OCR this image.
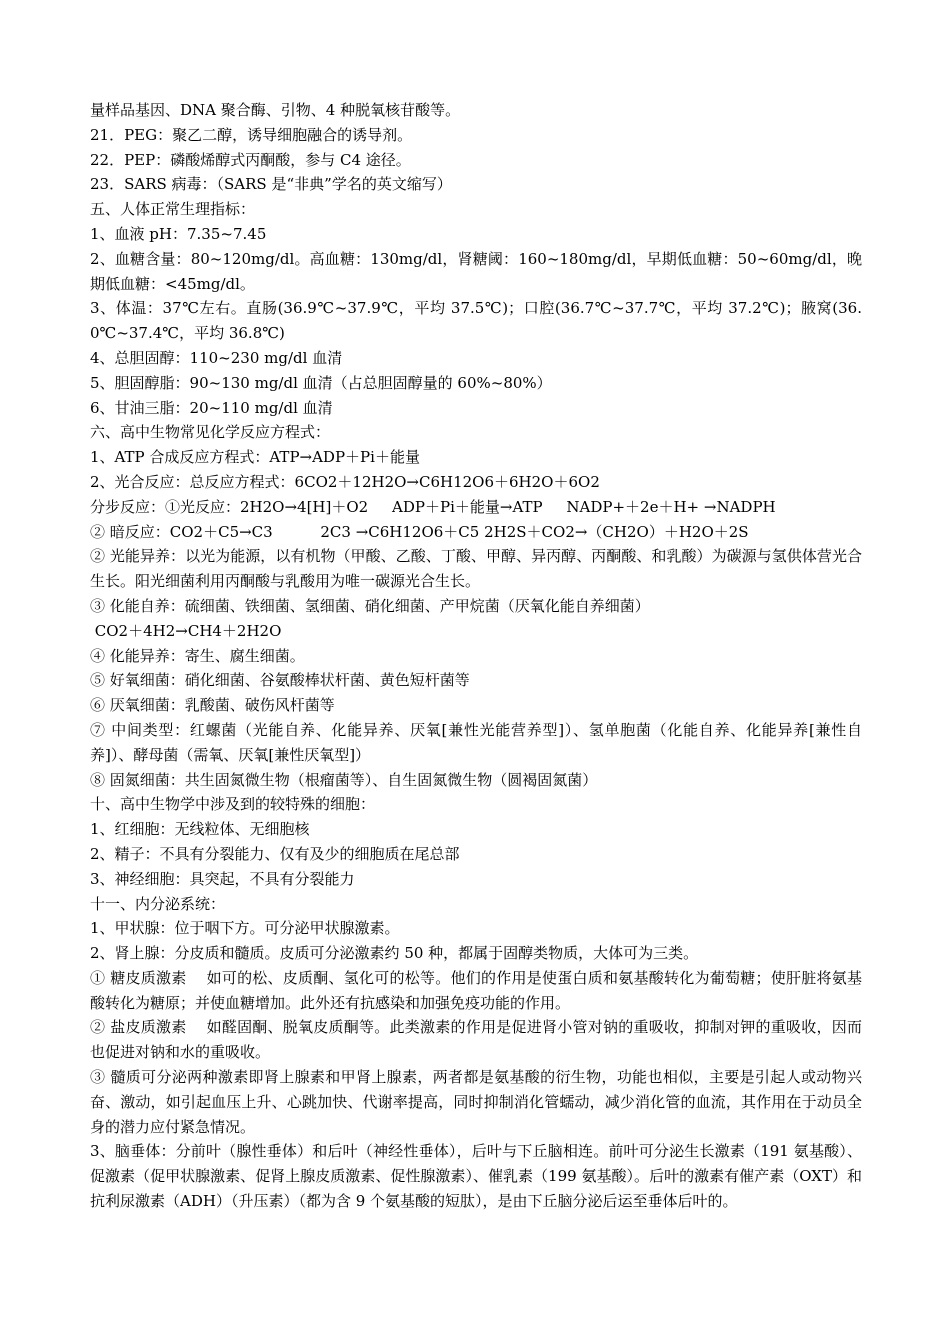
量样品基因、DNA 聚合酶、引物、4 种脱氧核苷酸等。

21．PEG：聚乙二醇，诱导细胞融合的诱导剂。

22．PEP：磷酸烯醇式丙酮酸，参与 C4 途径。

23．SARS 病毒：（SARS 是“非典”学名的英文缩写）

五、人体正常生理指标：

1、血液 pH：7.35~7.45

2、血糖含量：80~120mg/dl。高血糖：130mg/dl，肾糖阈：160~180mg/dl，早期低血糖：50~60mg/dl，晚期低血糖：<45mg/dl。

3、体温：37℃左右。直肠(36.9℃~37.9℃，平均 37.5℃)；口腔(36.7℃~37.7℃，平均 37.2℃)；腋窝(36.0℃~37.4℃，平均 36.8℃)

4、总胆固醇：110~230 mg/dl 血清

5、胆固醇脂：90~130 mg/dl 血清（占总胆固醇量的 60%~80%）

6、甘油三脂：20~110 mg/dl 血清

六、高中生物常见化学反应方程式：

1、ATP 合成反应方程式：ATP→ADP＋Pi＋能量

2、光合反应：总反应方程式：6CO2＋12H2O→C6H12O6＋6H2O＋6O2

分步反应：①光反应：2H2O→4[H]＋O2     ADP＋Pi＋能量→ATP     NADP+＋2e＋H+ →NADPH

② 暗反应：CO2＋C5→C3          2C3 →C6H12O6＋C5 2H2S＋CO2→（CH2O）＋H2O＋2S

② 光能异养：以光为能源，以有机物（甲酸、乙酸、丁酸、甲醇、异丙醇、丙酮酸、和乳酸）为碳源与氢供体营光合生长。阳光细菌利用丙酮酸与乳酸用为唯一碳源光合生长。

③ 化能自养：硫细菌、铁细菌、氢细菌、硝化细菌、产甲烷菌（厌氧化能自养细菌）

CO2＋4H2→CH4＋2H2O

④ 化能异养：寄生、腐生细菌。

⑤ 好氧细菌：硝化细菌、谷氨酸棒状杆菌、黄色短杆菌等

⑥ 厌氧细菌：乳酸菌、破伤风杆菌等

⑦ 中间类型：红螺菌（光能自养、化能异养、厌氧[兼性光能营养型]）、氢单胞菌（化能自养、化能异养[兼性自养]）、酵母菌（需氧、厌氧[兼性厌氧型]）

⑧ 固氮细菌：共生固氮微生物（根瘤菌等）、自生固氮微生物（圆褐固氮菌）

十、高中生物学中涉及到的较特殊的细胞：

1、红细胞：无线粒体、无细胞核

2、精子：不具有分裂能力、仅有及少的细胞质在尾总部

3、神经细胞：具突起，不具有分裂能力

十一、内分泌系统：

1、甲状腺：位于咽下方。可分泌甲状腺激素。

2、肾上腺：分皮质和髓质。皮质可分泌激素约 50 种，都属于固醇类物质，大体可为三类。

① 糖皮质激素    如可的松、皮质酮、氢化可的松等。他们的作用是使蛋白质和氨基酸转化为葡萄糖；使肝脏将氨基酸转化为糖原；并使血糖增加。此外还有抗感染和加强免疫功能的作用。

② 盐皮质激素    如醛固酮、脱氧皮质酮等。此类激素的作用是促进肾小管对钠的重吸收，抑制对钾的重吸收，因而也促进对钠和水的重吸收。

③ 髓质可分泌两种激素即肾上腺素和甲肾上腺素，两者都是氨基酸的衍生物，功能也相似，主要是引起人或动物兴奋、激动，如引起血压上升、心跳加快、代谢率提高，同时抑制消化管蠕动，减少消化管的血流，其作用在于动员全身的潜力应付紧急情况。

3、脑垂体：分前叶（腺性垂体）和后叶（神经性垂体），后叶与下丘脑相连。前叶可分泌生长激素（191 氨基酸）、促激素（促甲状腺激素、促肾上腺皮质激素、促性腺激素）、催乳素（199 氨基酸）。后叶的激素有催产素（OXT）和抗利尿激素（ADH）（升压素）（都为含 9 个氨基酸的短肽），是由下丘脑分泌后运至垂体后叶的。
